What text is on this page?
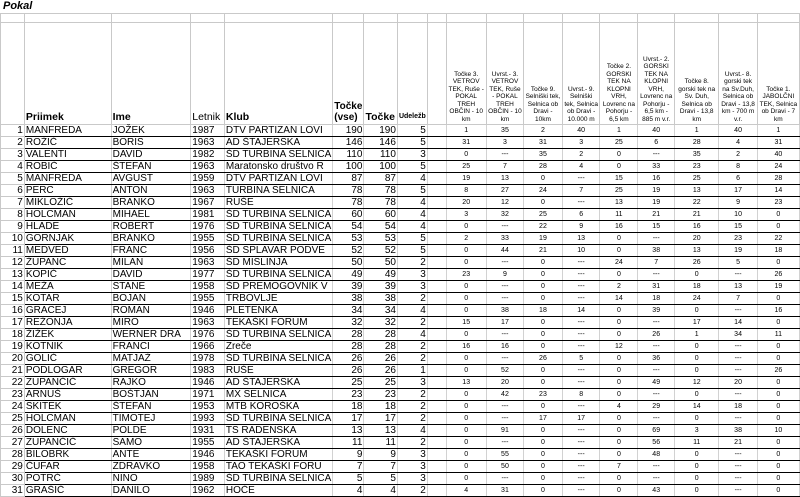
Pokal

	Priimek	Ime	Letnik	Klub	Točke (vse)	Točke	Udeležb		Točke 3. VETROV TEK, Ruše - POKAL TREH OBČIN - 10 km	Uvrst.- 3. VETROV TEK, Ruše - POKAL TREH OBČIN - 10 km	Točke 9. Selniški tek, Selnica ob Dravi - 10km	Uvrst.- 9. Selniški tek, Selnica ob Dravi - 10.000 m	Točke 2. GORSKI TEK NA KLOPNI VRH, Lovrenc na Pohorju - 6,5 km	Uvrst.- 2. GORSKI TEK NA KLOPNI VRH, Lovrenc na Pohorju - 6,5 km - 885 m v.r.	Točke 8. gorski tek na Sv. Duh, Selnica ob Dravi - 13,8 km	Uvrst.- 8. gorski tek na Sv.Duh, Selnica ob Dravi - 13,8 km - 700 m v.r.	Točke 1. JABOLČNI TEK, Selnica ob Dravi - 7 km
1	MANFREDA	JOŽEK	1987	DTV PARTIZAN LOVI	190	190	5		1	35	2	40	1	40	1	40	1
2	ROŽIČ	BORIS	1963	AD ŠTAJERSKA	146	146	5		31	3	31	3	25	6	28	4	31
3	VALENTI	DAVID	1982	ŠD TURBINA SELNICA	110	110	3		0	---	35	2	0	---	35	2	40
4	ROBIČ	ŠTEFAN	1963	Maratonsko društvo R	100	100	5		25	7	28	4	0	33	23	8	24
5	MANFREDA	AVGUST	1959	DTV PARTIZAN LOVI	87	87	4		19	13	0	---	15	16	25	6	28
6	PERC	ANTON	1963	TURBINA SELNICA	78	78	5		8	27	24	7	25	19	13	17	14
7	MIKLOŽIČ	BRANKO	1967	RUŠE	78	78	4		20	12	0	---	13	19	22	9	23
8	HOLCMAN	MIHAEL	1981	ŠD TURBINA SELNICA	60	60	4		3	32	25	6	11	21	21	10	0
9	HLADE	ROBERT	1976	ŠD TURBINA SELNICA	54	54	4		0	---	22	9	16	15	16	15	0
10	GORNJAK	BRANKO	1955	ŠD TURBINA SELNICA	53	53	5		2	33	19	13	0	---	20	23	22
11	MEDVED	FRANC	1956	ŠD SPLAVAR PODVE	52	52	5		0	44	21	10	0	38	13	19	18
12	ŽUPANC	MILAN	1963	ŠD MISLINJA	50	50	2		0	---	0	---	24	7	26	5	0
13	KOPIČ	DAVID	1977	ŠD TURBINA SELNICA	49	49	3		23	9	0	---	0	---	0	---	26
14	MEŽA	STANE	1958	ŠD PREMOGOVNIK V	39	39	3		0	---	0	---	2	31	18	13	19
15	KOTAR	BOJAN	1955	TRBOVLJE	38	38	2		0	---	0	---	14	18	24	7	0
16	GRACEJ	ROMAN	1946	PLETENKA	34	34	4		0	38	18	14	0	39	0	---	16
17	REŽONJA	MIRO	1963	TEKAŠKI FORUM	32	32	2		15	17	0	---	0	---	17	14	0
18	ŽIŽEK	WERNER DRA	1976	ŠD TURBINA SELNICA	28	28	4		0	---	0	---	0	26	1	34	11
19	KOTNIK	FRANCI	1966	Zreče	28	28	2		16	16	0	---	12	---	0	---	0
20	GOLIČ	MATJAŽ	1978	ŠD TURBINA SELNICA	26	26	2		0	---	26	5	0	36	0	---	0
21	PODLOGAR	GREGOR	1983	RUŠE	26	26	1		0	52	0	---	0	---	0	---	26
22	ZUPANČIČ	RAJKO	1946	AD ŠTAJERSKA	25	25	3		13	20	0	---	0	49	12	20	0
23	ARNUŠ	BOŠTJAN	1971	MX SELNICA	23	23	2		0	42	23	8	0	---	0	---	0
24	SKITEK	ŠTEFAN	1953	MTB KOROŠKA	18	18	2		0	---	0	---	4	29	14	18	0
25	HOLCMAN	TIMOTEJ	1993	ŠD TURBINA SELNICA	17	17	2		0	---	17	17	0	---	0	---	0
26	DOLENC	POLDE	1931	TS RADENSKA	13	13	4		0	91	0	---	0	69	3	38	10
27	ZUPANČIČ	SAMO	1955	AD ŠTAJERSKA	11	11	2		0	---	0	---	0	56	11	21	0
28	BILOBRK	ANTE	1946	TEKAŠKI FORUM	9	9	3		0	55	0	---	0	48	0	---	0
29	ČUFAR	ZDRAVKO	1958	TAO TEKAŠKI FORU	7	7	3		0	50	0	---	7	---	0	---	0
30	POTRČ	NINO	1989	ŠD TURBINA SELNICA	5	5	3		0	---	0	---	0	---	0	---	0
31	GRAŠIČ	DANILO	1962	HOČE	4	4	2		4	31	0	---	0	43	0	---	0
